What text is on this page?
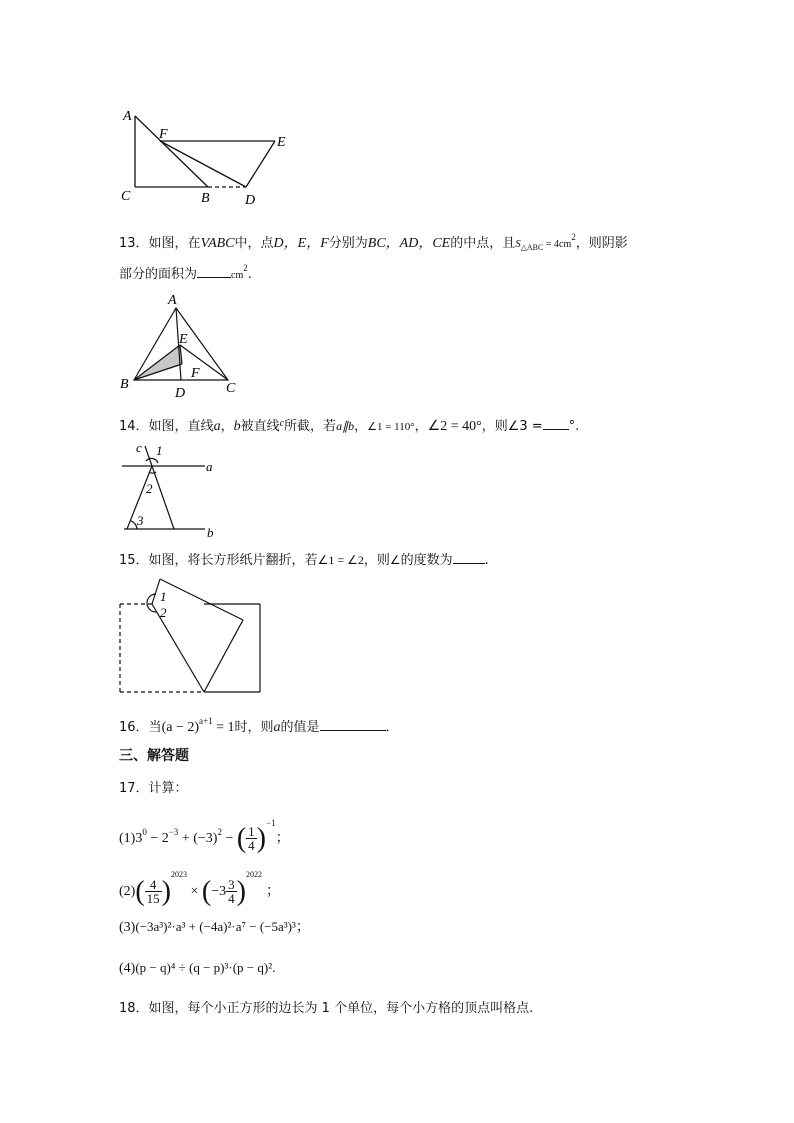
A
F
E
C	B	D
13．如图，在VABC中，点D，E，F分别为BC，AD，CE的中点，且$S_{\triangle ABC} = 4cm^2$，则阴影
部分的面积为	$cm^2$.
A
E
F
B
D	C
14．如图，直线a，b被直线$^c$所截，若a∥b，∠1 = 110°，∠2 = 40°，则∠3 = °.
c 1
a
2
3
b
15．如图，将长方形纸片翻折，若∠1 = ∠2，则∠的度数为 .
1
2
16．当$(a - 2)^{a+1} = 1$时，则a的值是	．
三、解答题
17．计算：
$(1)3^0 - 2^{-3} + (-3)^2$ − ( $\frac{1}{4} )^{-1}$；
$(2)( \frac{4}{15} )^{2023} \times (-3 \frac{3}{4} )^{2022}$；
(3)(−3a³)²·a³ + (−4a)²·a⁷ − (−5a³)³；
(4)(p − q)⁴ ÷ (q − p)³·(p − q)².
18．如图，每个小正方形的边长为 1 个单位，每个小方格的顶点叫格点.
